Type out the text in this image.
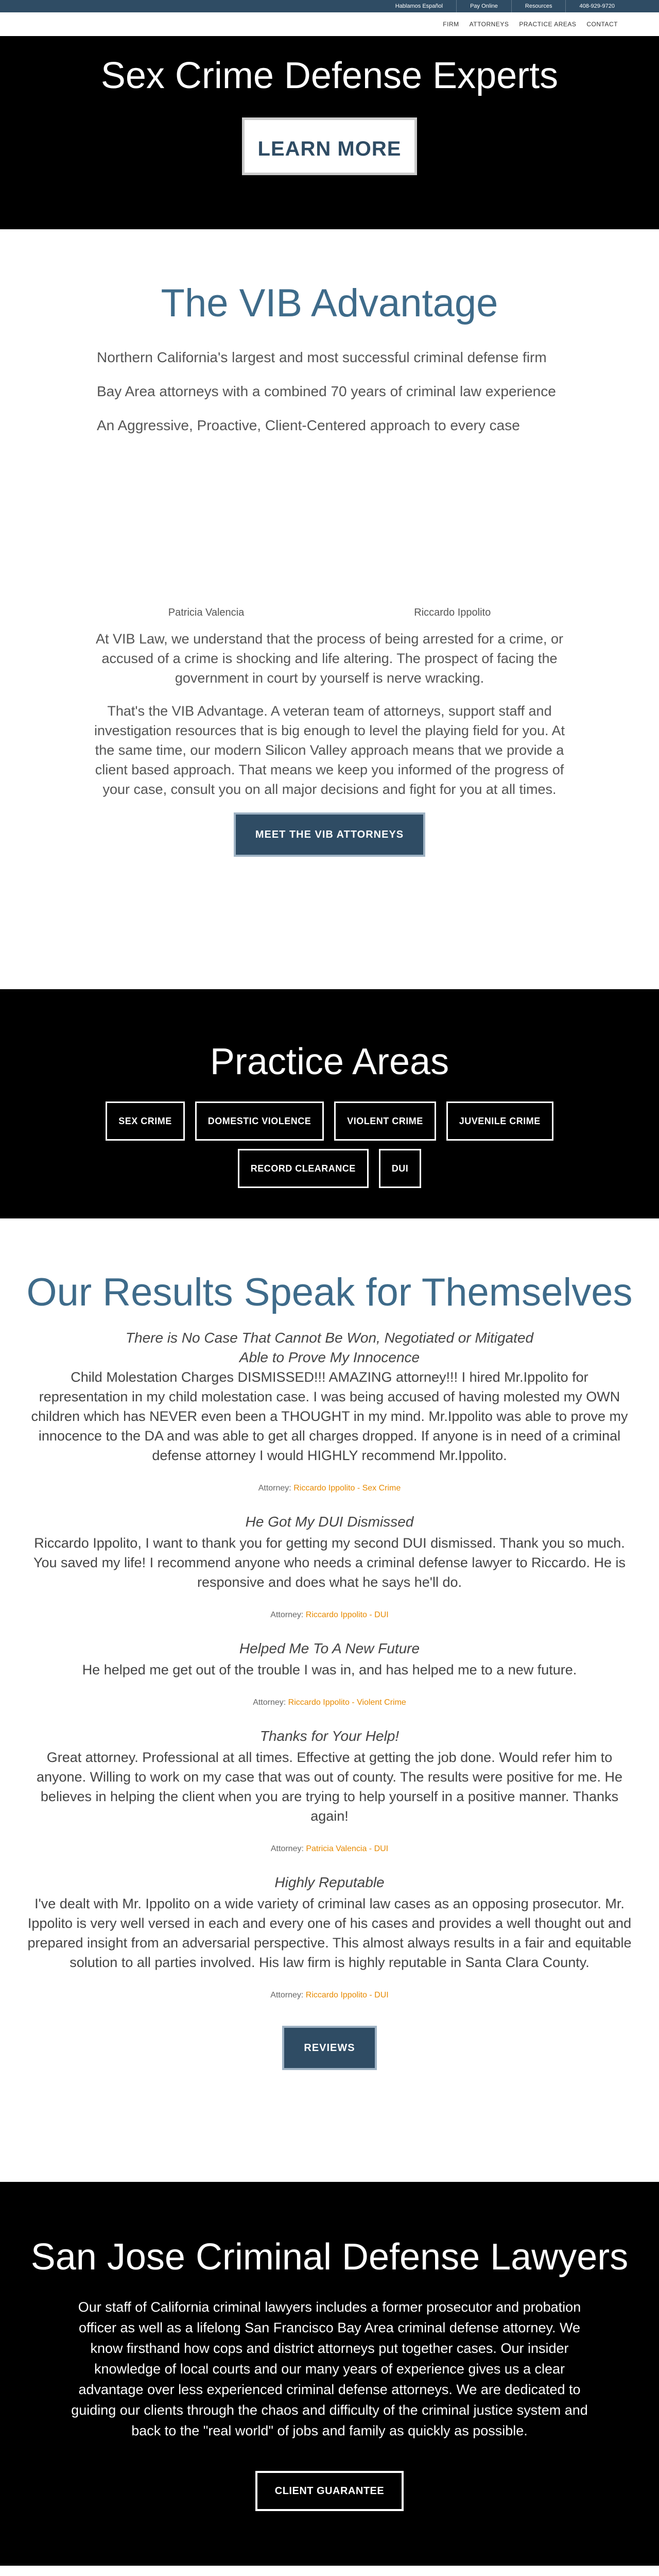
Hablamos Español	Pay Online	Resources	408-929-9720
FIRM ATTORNEYS PRACTICE AREAS CONTACT
Sex Crime Defense Experts
LEARN MORE
The VIB Advantage

Northern California's largest and most successful criminal defense firm

Bay Area attorneys with a combined 70 years of criminal law experience

An Aggressive, Proactive, Client-Centered approach to every case

Patricia Valencia	Riccardo Ippolito

At VIB Law, we understand that the process of being arrested for a crime, or accused of a crime is shocking and life altering. The prospect of facing the government in court by yourself is nerve wracking.

That's the VIB Advantage. A veteran team of attorneys, support staff and investigation resources that is big enough to level the playing field for you. At the same time, our modern Silicon Valley approach means that we provide a client based approach. That means we keep you informed of the progress of your case, consult you on all major decisions and fight for you at all times.

MEET THE VIB ATTORNEYS
Practice Areas
SEX CRIME	DOMESTIC VIOLENCE	VIOLENT CRIME	JUVENILE CRIME
RECORD CLEARANCE	DUI
Our Results Speak for Themselves
There is No Case That Cannot Be Won, Negotiated or Mitigated
Able to Prove My Innocence
Child Molestation Charges DISMISSED!!! AMAZING attorney!!! I hired Mr.Ippolito for representation in my child molestation case. I was being accused of having molested my OWN children which has NEVER even been a THOUGHT in my mind. Mr.Ippolito was able to prove my innocence to the DA and was able to get all charges dropped. If anyone is in need of a criminal defense attorney I would HIGHLY recommend Mr.Ippolito.
Attorney: Riccardo Ippolito - Sex Crime
He Got My DUI Dismissed
Riccardo Ippolito, I want to thank you for getting my second DUI dismissed. Thank you so much. You saved my life! I recommend anyone who needs a criminal defense lawyer to Riccardo. He is responsive and does what he says he'll do.
Attorney: Riccardo Ippolito - DUI
Helped Me To A New Future
He helped me get out of the trouble I was in, and has helped me to a new future.
Attorney: Riccardo Ippolito - Violent Crime
Thanks for Your Help!
Great attorney. Professional at all times. Effective at getting the job done. Would refer him to anyone. Willing to work on my case that was out of county. The results were positive for me. He believes in helping the client when you are trying to help yourself in a positive manner. Thanks again!
Attorney: Patricia Valencia - DUI
Highly Reputable
I've dealt with Mr. Ippolito on a wide variety of criminal law cases as an opposing prosecutor. Mr. Ippolito is very well versed in each and every one of his cases and provides a well thought out and prepared insight from an adversarial perspective. This almost always results in a fair and equitable solution to all parties involved. His law firm is highly reputable in Santa Clara County.
Attorney: Riccardo Ippolito - DUI
REVIEWS
San Jose Criminal Defense Lawyers

Our staff of California criminal lawyers includes a former prosecutor and probation officer as well as a lifelong San Francisco Bay Area criminal defense attorney. We know firsthand how cops and district attorneys put together cases. Our insider knowledge of local courts and our many years of experience gives us a clear advantage over less experienced criminal defense attorneys. We are dedicated to guiding our clients through the chaos and difficulty of the criminal justice system and back to the "real world" of jobs and family as quickly as possible.

CLIENT GUARANTEE
